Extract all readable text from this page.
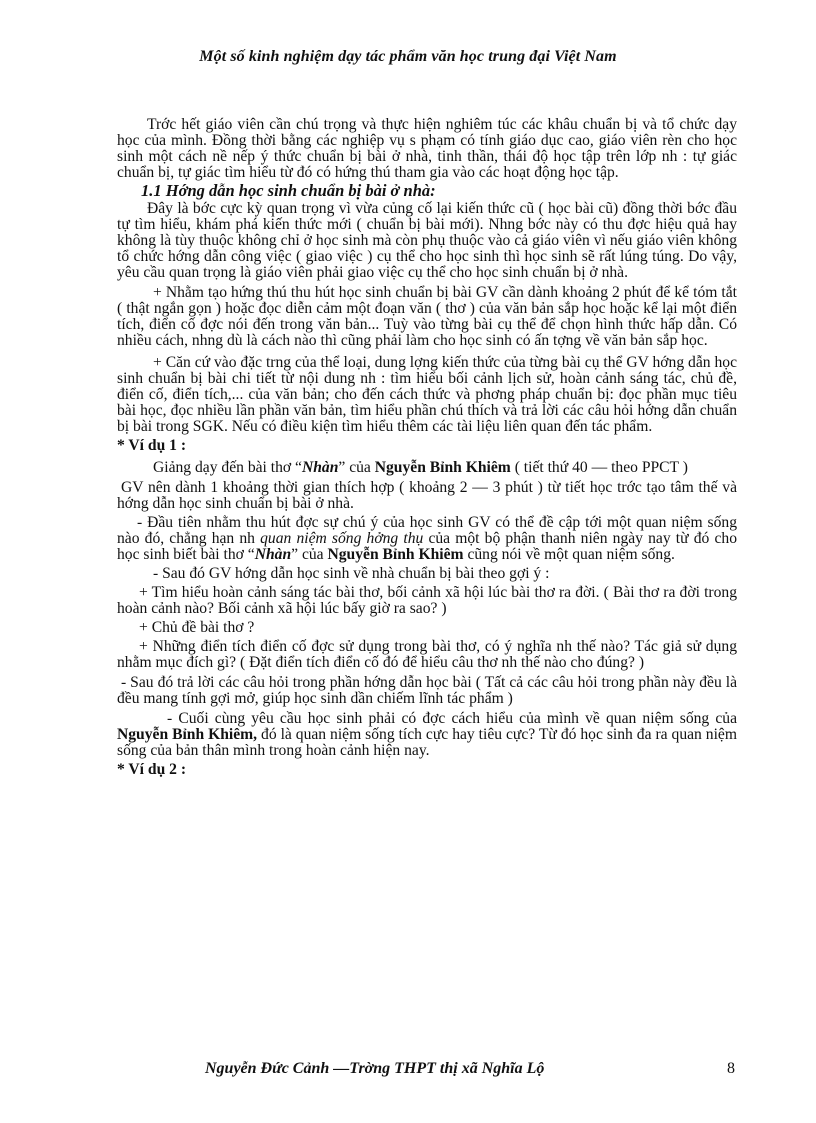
Một số kinh nghiệm dạy tác phẩm văn học trung đại Việt Nam

Trớc hết giáo viên cần chú trọng và thực hiện nghiêm túc các khâu chuẩn bị và tổ chức dạy học của mình. Đồng thời bằng các nghiệp vụ s phạm có tính giáo dục cao, giáo viên rèn cho học sinh một cách nề nếp ý thức chuẩn bị bài ở nhà, tinh thần, thái độ học tập trên lớp nh : tự giác chuẩn bị, tự giác tìm hiểu từ đó có hứng thú tham gia vào các hoạt động học tập.

1.1 Hớng dẫn học sinh chuẩn bị bài ở nhà:

Đây là bớc cực kỳ quan trọng vì vừa củng cố lại kiến thức cũ ( học bài cũ) đồng thời bớc đầu tự tìm hiểu, khám phá kiến thức mới ( chuẩn bị bài mới). Nhng bớc này có thu đợc hiệu quả hay không là tùy thuộc không chỉ ở học sinh mà còn phụ thuộc vào cả giáo viên vì nếu giáo viên không tổ chức hớng dẫn công việc ( giao việc ) cụ thể cho học sinh thì học sinh sẽ rất lúng túng. Do vậy, yêu cầu quan trọng là giáo viên phải giao việc cụ thể cho học sinh chuẩn bị ở nhà.

+ Nhằm tạo hứng thú thu hút học sinh chuẩn bị bài GV cần dành khoảng 2 phút để kể tóm tắt ( thật ngắn gọn ) hoặc đọc diễn cảm một đoạn văn ( thơ ) của văn bản sắp học hoặc kể lại một điển tích, điển cố đợc nói đến trong văn bản... Tuỳ vào từng bài cụ thể để chọn hình thức hấp dẫn. Có nhiều cách, nhng dù là cách nào thì cũng phải làm cho học sinh có ấn tợng về văn bản sắp học.

+ Căn cứ vào đặc trng của thể loại, dung lợng kiến thức của từng bài cụ thể GV hớng dẫn học sinh chuẩn bị bài chi tiết từ nội dung nh : tìm hiểu bối cảnh lịch sử, hoàn cảnh sáng tác, chủ đề, điển cố, điển tích,... của văn bản; cho đến cách thức và phơng pháp chuẩn bị: đọc phần mục tiêu bài học, đọc nhiều lần phần văn bản, tìm hiểu phần chú thích và trả lời các câu hỏi hớng dẫn chuẩn bị bài trong SGK. Nếu có điều kiện tìm hiểu thêm các tài liệu liên quan đến tác phẩm.

* Ví dụ 1 :

Giảng dạy đến bài thơ “Nhàn” của Nguyễn Bỉnh Khiêm ( tiết thứ 40 — theo PPCT )

GV nên dành 1 khoảng thời gian thích hợp ( khoảng 2 — 3 phút ) từ tiết học trớc tạo tâm thế và hớng dẫn học sinh chuẩn bị bài ở nhà.

- Đầu tiên nhằm thu hút đợc sự chú ý của học sinh GV có thể đề cập tới một quan niệm sống nào đó, chẳng hạn nh quan niệm sống hởng thụ của một bộ phận thanh niên ngày nay từ đó cho học sinh biết bài thơ “Nhàn” của Nguyễn Bỉnh Khiêm cũng nói về một quan niệm sống.

- Sau đó GV hớng dẫn học sinh về nhà chuẩn bị bài theo gợi ý :

+ Tìm hiểu hoàn cảnh sáng tác bài thơ, bối cảnh xã hội lúc bài thơ ra đời. ( Bài thơ ra đời trong hoàn cảnh nào? Bối cảnh xã hội lúc bấy giờ ra sao? )

+ Chủ đề bài thơ ?

+ Những điển tích điển cố đợc sử dụng trong bài thơ, có ý nghĩa nh thế nào? Tác giả sử dụng nhằm mục đích gì? ( Đặt điển tích điển cố đó để hiểu câu thơ nh thế nào cho đúng? )

- Sau đó trả lời các câu hỏi trong phần hớng dẫn học bài ( Tất cả các câu hỏi trong phần này đều là đều mang tính gợi mở, giúp học sinh dần chiếm lĩnh tác phẩm )

- Cuối cùng yêu cầu học sinh phải có đợc cách hiểu của mình về quan niệm sống của Nguyễn Bỉnh Khiêm, đó là quan niệm sống tích cực hay tiêu cực? Từ đó học sinh đa ra quan niệm sống của bản thân mình trong hoàn cảnh hiện nay.

* Ví dụ 2 :

Nguyễn Đức Cảnh —Trờng THPT thị xã Nghĩa Lộ	8
